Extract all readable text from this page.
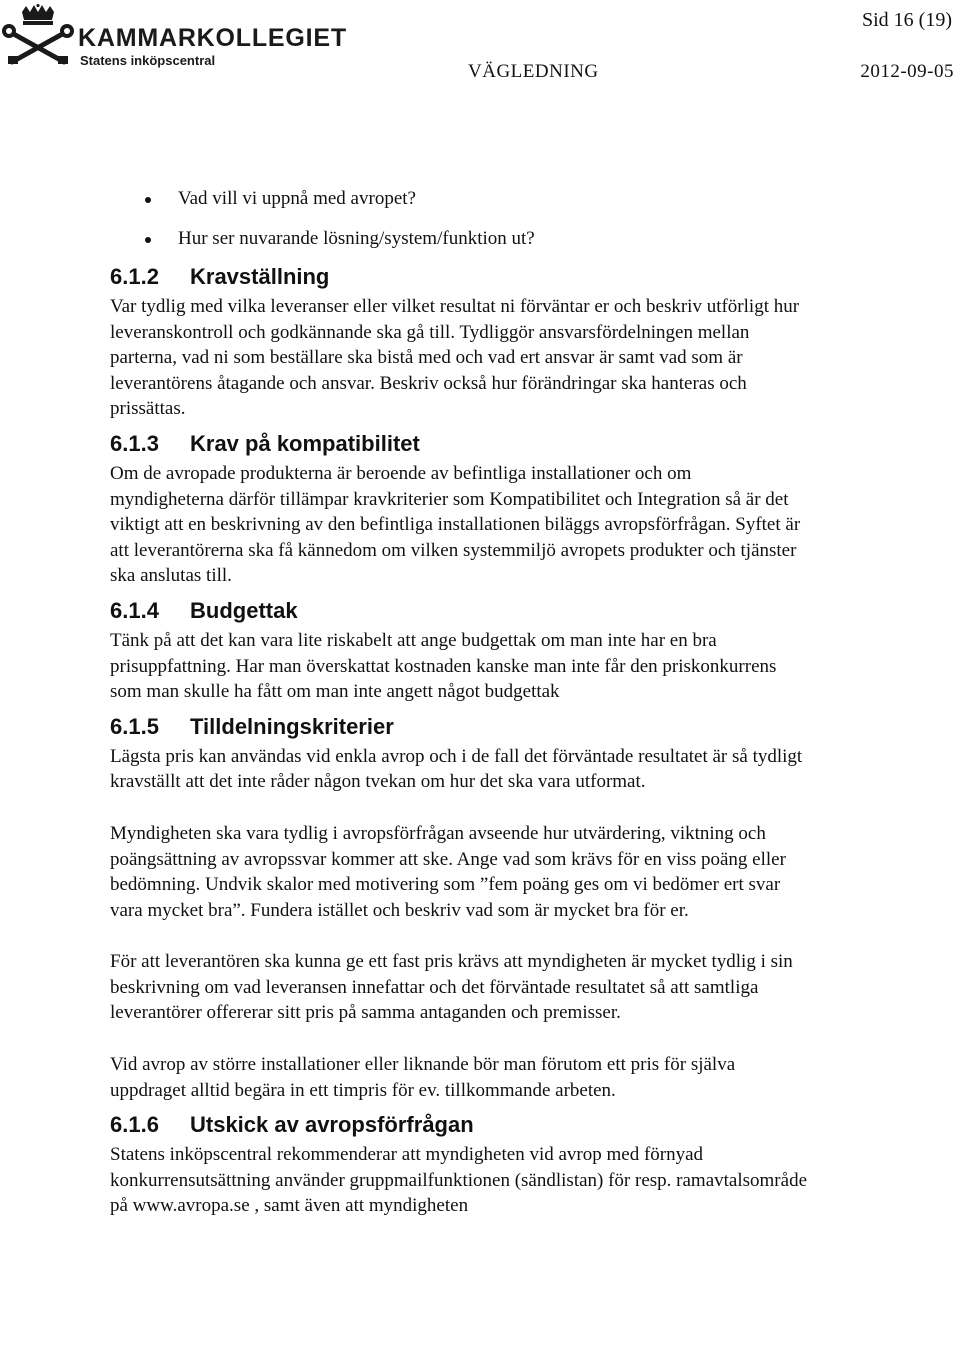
KAMMARKOLLEGIET
Statens inköpscentral
Sid 16 (19)
VÄGLEDNING	2012-09-05
Vad vill vi uppnå med avropet?
Hur ser nuvarande lösning/system/funktion ut?
6.1.2 Kravställning

Var tydlig med vilka leveranser eller vilket resultat ni förväntar er och beskriv utförligt hur leveranskontroll och godkännande ska gå till. Tydliggör ansvarsfördelningen mellan parterna, vad ni som beställare ska bistå med och vad ert ansvar är samt vad som är leverantörens åtagande och ansvar. Beskriv också hur förändringar ska hanteras och prissättas.

6.1.3 Krav på kompatibilitet

Om de avropade produkterna är beroende av befintliga installationer och om myndigheterna därför tillämpar kravkriterier som Kompatibilitet och Integration så är det viktigt att en beskrivning av den befintliga installationen biläggs avropsförfrågan. Syftet är att leverantörerna ska få kännedom om vilken systemmiljö avropets produkter och tjänster ska anslutas till.

6.1.4 Budgettak

Tänk på att det kan vara lite riskabelt att ange budgettak om man inte har en bra prisuppfattning. Har man överskattat kostnaden kanske man inte får den priskonkurrens som man skulle ha fått om man inte angett något budgettak

6.1.5 Tilldelningskriterier

Lägsta pris kan användas vid enkla avrop och i de fall det förväntade resultatet är så tydligt kravställt att det inte råder någon tvekan om hur det ska vara utformat.

Myndigheten ska vara tydlig i avropsförfrågan avseende hur utvärdering, viktning och poängsättning av avropssvar kommer att ske. Ange vad som krävs för en viss poäng eller bedömning. Undvik skalor med motivering som ”fem poäng ges om vi bedömer ert svar vara mycket bra”. Fundera istället och beskriv vad som är mycket bra för er.

För att leverantören ska kunna ge ett fast pris krävs att myndigheten är mycket tydlig i sin beskrivning om vad leveransen innefattar och det förväntade resultatet så att samtliga leverantörer offererar sitt pris på samma antaganden och premisser.

Vid avrop av större installationer eller liknande bör man förutom ett pris för själva uppdraget alltid begära in ett timpris för ev. tillkommande arbeten.

6.1.6 Utskick av avropsförfrågan

Statens inköpscentral rekommenderar att myndigheten vid avrop med förnyad konkurrensutsättning använder gruppmailfunktionen (sändlistan) för resp. ramavtalsområde på www.avropa.se , samt även att myndigheten
